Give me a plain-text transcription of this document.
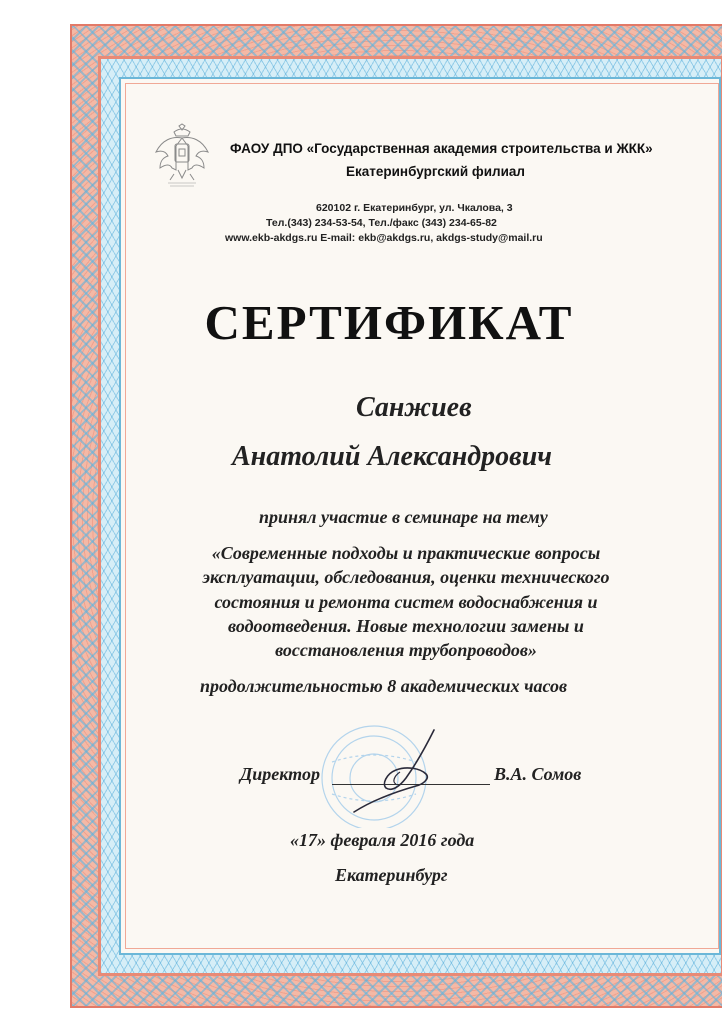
ФАОУ ДПО «Государственная академия строительства и ЖКК»
Екатеринбургский филиал
620102 г. Екатеринбург, ул. Чкалова, 3
Тел.(343) 234-53-54, Тел./факс (343) 234-65-82
www.ekb-akdgs.ru E-mail: ekb@akdgs.ru, akdgs-study@mail.ru
СЕРТИФИКАТ
Санжиев
Анатолий Александрович
принял участие в семинаре на тему
«Современные подходы и практические вопросы
эксплуатации, обследования, оценки технического
состояния и ремонта систем водоснабжения и
водоотведения. Новые технологии замены и
восстановления трубопроводов»
продолжительностью 8 академических часов
Директор	В.А. Сомов
«17» февраля 2016 года
Екатеринбург
